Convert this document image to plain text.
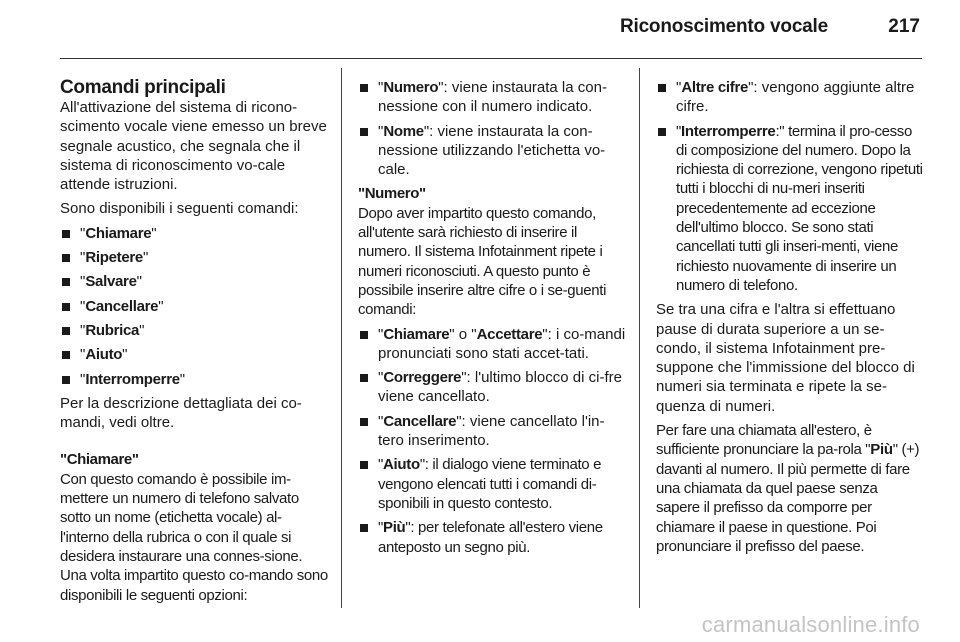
Riconoscimento vocale	217
Comandi principali

All'attivazione del sistema di ricono-scimento vocale viene emesso un breve segnale acustico, che segnala che il sistema di riconoscimento vo-cale attende istruzioni.

Sono disponibili i seguenti comandi:

"Chiamare"
"Ripetere"
"Salvare"
"Cancellare"
"Rubrica"
"Aiuto"
"Interromperre"

Per la descrizione dettagliata dei co-mandi, vedi oltre.

"Chiamare"

Con questo comando è possibile im-mettere un numero di telefono salvato sotto un nome (etichetta vocale) al-l'interno della rubrica o con il quale si desidera instaurare una connes-sione. Una volta impartito questo co-mando sono disponibili le seguenti opzioni:

"Numero": viene instaurata la con-nessione con il numero indicato.
"Nome": viene instaurata la con-nessione utilizzando l'etichetta vo-cale.

"Numero"

Dopo aver impartito questo comando, all'utente sarà richiesto di inserire il numero. Il sistema Infotainment ripete i numeri riconosciuti. A questo punto è possibile inserire altre cifre o i se-guenti comandi:

"Chiamare" o "Accettare": i co-mandi pronunciati sono stati accet-tati.
"Correggere": l'ultimo blocco di ci-fre viene cancellato.
"Cancellare": viene cancellato l'in-tero inserimento.
"Aiuto": il dialogo viene terminato e vengono elencati tutti i comandi di-sponibili in questo contesto.
"Più": per telefonate all'estero viene anteposto un segno più.
"Altre cifre": vengono aggiunte altre cifre.
"Interromperre:" termina il pro-cesso di composizione del numero. Dopo la richiesta di correzione, vengono ripetuti tutti i blocchi di nu-meri inseriti precedentemente ad eccezione dell'ultimo blocco. Se sono stati cancellati tutti gli inseri-menti, viene richiesto nuovamente di inserire un numero di telefono.

Se tra una cifra e l'altra si effettuano pause di durata superiore a un se-condo, il sistema Infotainment pre-suppone che l'immissione del blocco di numeri sia terminata e ripete la se-quenza di numeri.

Per fare una chiamata all'estero, è sufficiente pronunciare la pa-rola "Più" (+) davanti al numero. Il più permette di fare una chiamata da quel paese senza sapere il prefisso da comporre per chiamare il paese in questione. Poi pronunciare il prefisso del paese.

carmanualsonline.info
